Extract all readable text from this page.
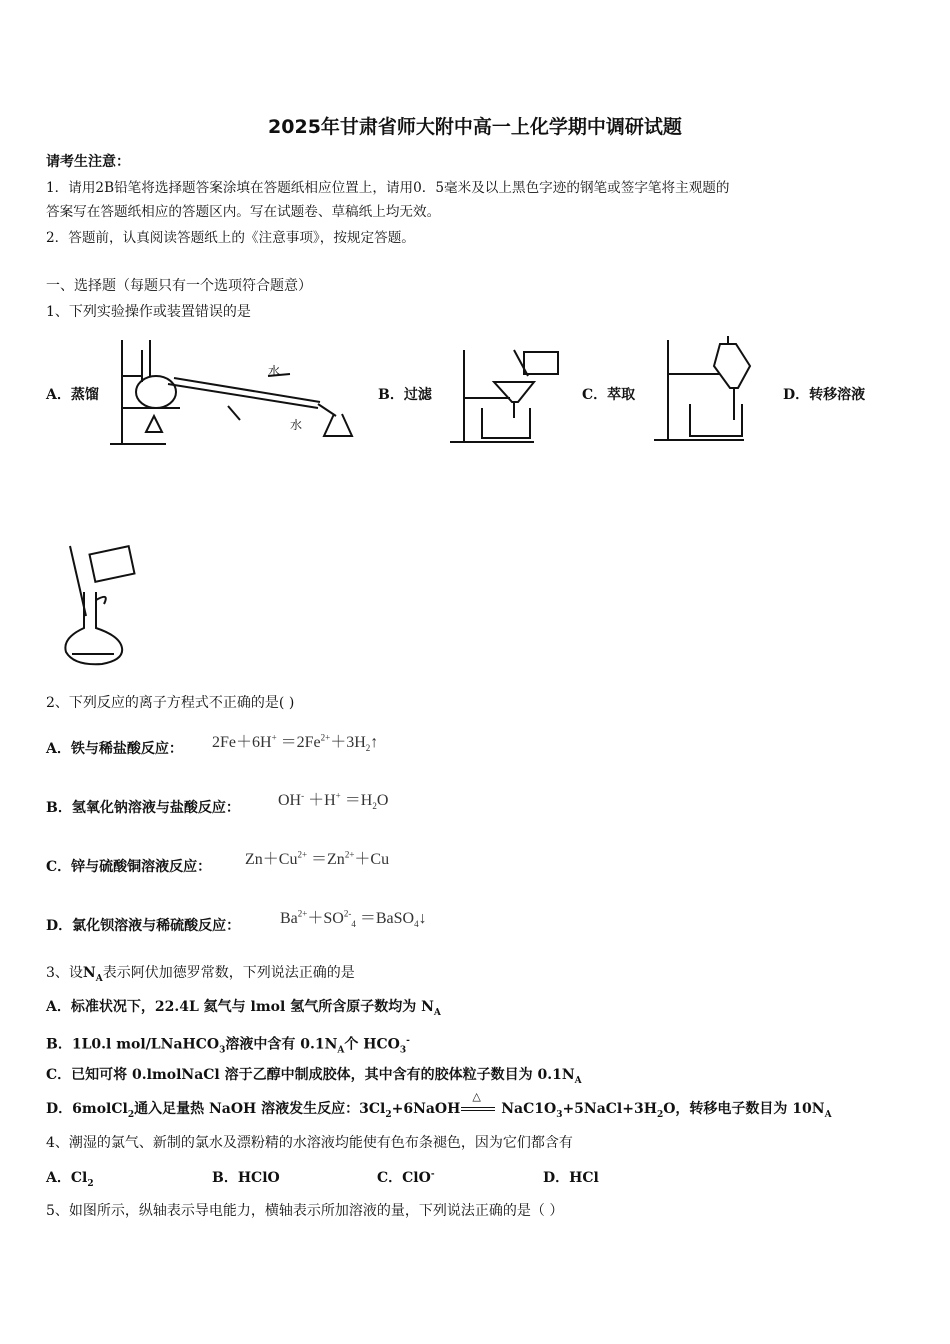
2025年甘肃省师大附中高一上化学期中调研试题
请考生注意：
1．请用2B铅笔将选择题答案涂填在答题纸相应位置上，请用0．5毫米及以上黑色字迹的钢笔或签字笔将主观题的
答案写在答题纸相应的答题区内。写在试题卷、草稿纸上均无效。
2．答题前，认真阅读答题纸上的《注意事项》，按规定答题。
一、选择题（每题只有一个选项符合题意）
1、下列实验操作或装置错误的是
水
水
A．蒸馏	B．过滤	C．萃取	D．转移溶液
2、下列反应的离子方程式不正确的是( )
A．铁与稀盐酸反应： $2Fe+6H^+ =2Fe^{2+}+3H_2↑$
B．氢氧化钠溶液与盐酸反应： $OH^- +H^+ =H_2O$
C．锌与硫酸铜溶液反应： $Zn+Cu^{2+} =Zn^{2+}+Cu$
D．氯化钡溶液与稀硫酸反应： $Ba^{2+}+SO^{2-}_4$ ＝BaSO$_4$↓
3、设$N_A$表示阿伏加德罗常数，下列说法正确的是
A．标准状况下，22.4L 氦气与 lmol 氢气所含原子数均为 $N_A$
B．1L0.l mol/LNaHCO$_3$溶液中含有 $0.1N_A$个 $HCO_3^-$
C．已知可将 0.lmolNaCl 溶于乙醇中制成胶体，其中含有的胶体粒子数目为 $0.1N_A$
D．6molCl$_2$通入足量热 NaOH 溶液发生反应：$3Cl_2+6NaOH$
△
$NaC1O_3+5NaCl+3H_2O$，转移电子数目为 $10N_A$
4、潮湿的氯气、新制的氯水及漂粉精的水溶液均能使有色布条褪色，因为它们都含有
A．$Cl_2$	B．HClO	C．ClO-	D．HCl
5、如图所示，纵轴表示导电能力，横轴表示所加溶液的量，下列说法正确的是（ ）
